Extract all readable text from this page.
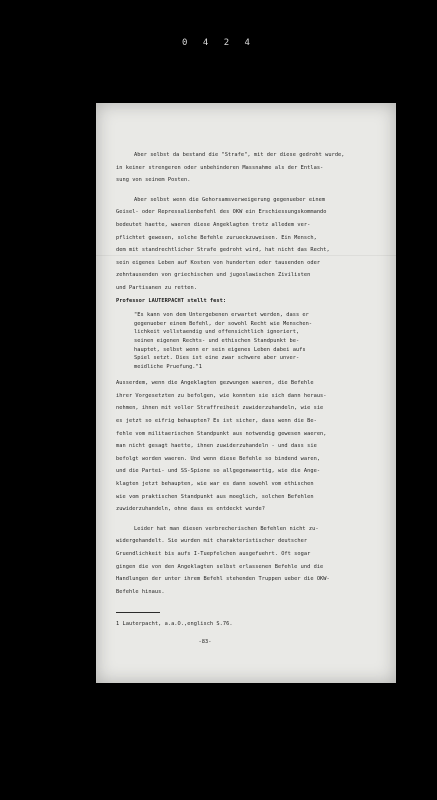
0 4 2 4
Aber selbst da bestand die "Strafe", mit der diese gedroht wurde,
in keiner strengeren oder unbehinderen Massnahme als der Entlas-
sung von seinem Posten.
Aber selbst wenn die Gehorsamsverweigerung gegenueber einem
Geisel- oder Repressalienbefehl des OKW ein Erschiessungskommando
bedeutet haette, waeren diese Angeklagten trotz alledem ver-
pflichtet gewesen, solche Befehle zurueckzuweisen. Ein Mensch,
dem mit standrechtlicher Strafe gedroht wird, hat nicht das Recht,
sein eigenes Leben auf Kosten von hunderten oder tausenden oder
zehntausenden von griechischen und jugoslawischen Zivilisten
und Partisanen zu retten.
Professor LAUTERPACHT stellt fest:
"Es kann von dem Untergebenen erwartet werden, dass er
gegenueber einem Befehl, der sowohl Recht wie Menschen-
lichkeit vollstaendig und offensichtlich ignoriert,
seinen eigenen Rechts- und ethischen Standpunkt be-
hauptet, selbst wenn er sein eigenes Leben dabei aufs
Spiel setzt. Dies ist eine zwar schwere aber unver-
meidliche Pruefung."1
Ausserdem, wenn die Angeklagten gezwungen waeren, die Befehle
ihrer Vorgesetzten zu befolgen, wie konnten sie sich dann heraus-
nehmen, ihnen mit voller Straffreiheit zuwiderzuhandeln, wie sie
es jetzt so eifrig behaupten? Es ist sicher, dass wenn die Be-
fehle vom militaerischen Standpunkt aus notwendig gewesen waeren,
man nicht gesagt haette, ihnen zuwiderzuhandeln - und dass sie
befolgt worden waeren. Und wenn diese Befehle so bindend waren,
und die Partei- und SS-Spione so allgegenwaertig, wie die Ange-
klagten jetzt behaupten, wie war es dann sowohl vom ethischen
wie vom praktischen Standpunkt aus moeglich, solchen Befehlen
zuwiderzuhandeln, ohne dass es entdeckt wurde?
Leider hat man diesen verbrecherischen Befehlen nicht zu-
widergehandelt. Sie wurden mit charakteristischer deutscher
Gruendlichkeit bis aufs I-Tuepfelchen ausgefuehrt. Oft sogar
gingen die von den Angeklagten selbst erlassenen Befehle und die
Handlungen der unter ihrem Befehl stehenden Truppen ueber die OKW-
Befehle hinaus.
1 Lauterpacht, a.a.O.,englisch S.76.
-83-
